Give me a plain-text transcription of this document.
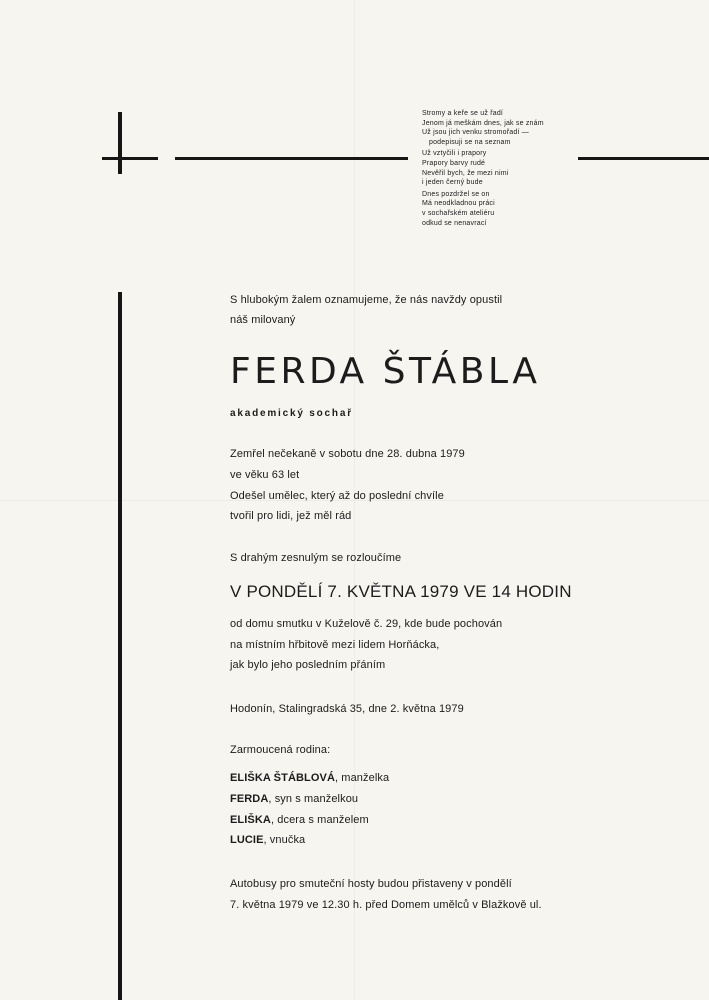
Stromy a keře se už řadí
Jenom já meškám dnes, jak se znám
Už jsou jich venku stromořadí —
podepisuji se na seznam
Už vztyčili i prapory
Prapory barvy rudé
Nevěřil bych, že mezi nimi
i jeden černý bude
Dnes pozdržel se on
Má neodkladnou práci
v sochařském ateliéru
odkud se nenavrací
S hlubokým žalem oznamujeme, že nás navždy opustil
náš milovaný
FERDA ŠTÁBLA
akademický sochař
Zemřel nečekaně v sobotu dne 28. dubna 1979
ve věku 63 let
Odešel umělec, který až do poslední chvíle
tvořil pro lidi, jež měl rád
S drahým zesnulým se rozloučíme
V PONDĚLÍ 7. KVĚTNA 1979 VE 14 HODIN
od domu smutku v Kuželově č. 29, kde bude pochován
na místním hřbitově mezi lidem Horňácka,
jak bylo jeho posledním přáním
Hodonín, Stalingradská 35, dne 2. května 1979
Zarmoucená rodina:
ELIŠKA ŠTÁBLOVÁ, manželka
FERDA, syn s manželkou
ELIŠKA, dcera s manželem
LUCIE, vnučka
Autobusy pro smuteční hosty budou přistaveny v pondělí
7. května 1979 ve 12.30 h. před Domem umělců v Blažkově ul.
